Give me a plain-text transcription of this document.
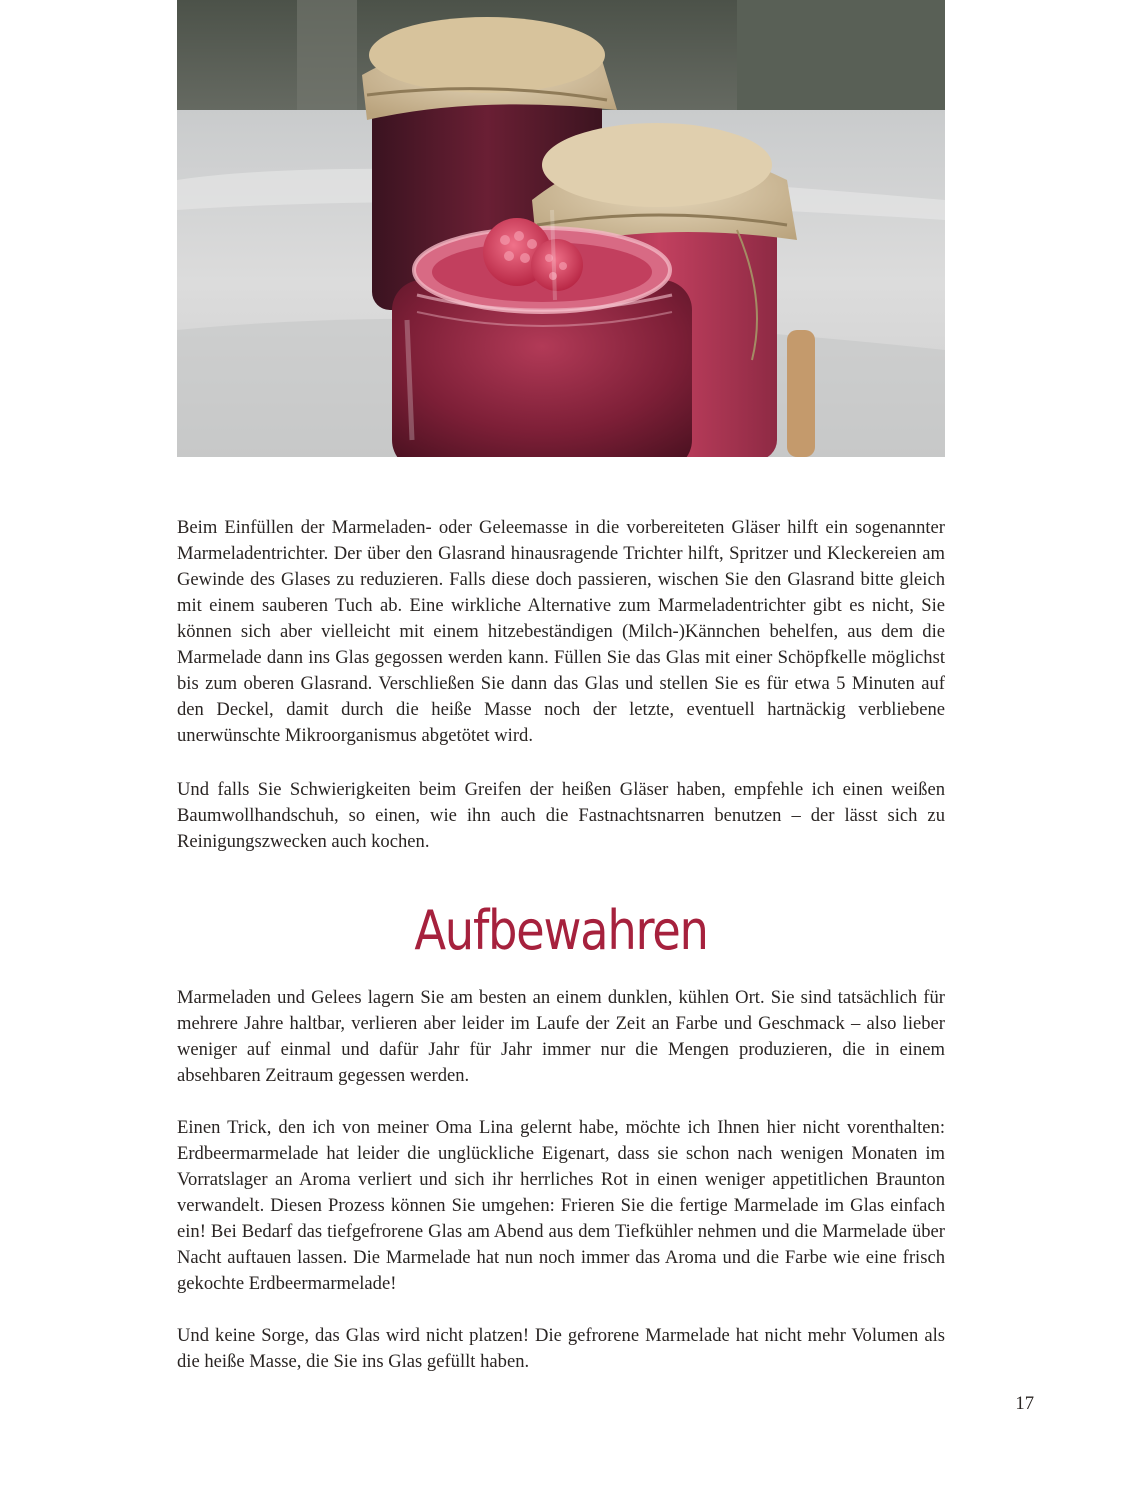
Beim Einfüllen der Marmeladen- oder Geleemasse in die vorbereiteten Gläser hilft ein sogenannter Marmeladentrichter. Der über den Glasrand hinausragende Trichter hilft, Spritzer und Kleckereien am Gewinde des Glases zu reduzieren. Falls diese doch passieren, wischen Sie den Glasrand bitte gleich mit einem sauberen Tuch ab. Eine wirkliche Alternative zum Marmeladentrichter gibt es nicht, Sie können sich aber vielleicht mit einem hitzebeständigen (Milch-)Kännchen behelfen, aus dem die Marmelade dann ins Glas gegossen werden kann. Füllen Sie das Glas mit einer Schöpfkelle möglichst bis zum oberen Glasrand. Verschließen Sie dann das Glas und stellen Sie es für etwa 5 Minuten auf den Deckel, damit durch die heiße Masse noch der letzte, eventuell hartnäckig verbliebene unerwünschte Mikroorganismus abgetötet wird.

Und falls Sie Schwierigkeiten beim Greifen der heißen Gläser haben, empfehle ich einen weißen Baumwollhandschuh, so einen, wie ihn auch die Fastnachtsnarren benutzen – der lässt sich zu Reinigungszwecken auch kochen.

Aufbewahren

Marmeladen und Gelees lagern Sie am besten an einem dunklen, kühlen Ort. Sie sind tatsächlich für mehrere Jahre haltbar, verlieren aber leider im Laufe der Zeit an Farbe und Geschmack – also lieber weniger auf einmal und dafür Jahr für Jahr immer nur die Mengen produzieren, die in einem absehbaren Zeitraum gegessen werden.

Einen Trick, den ich von meiner Oma Lina gelernt habe, möchte ich Ihnen hier nicht vorenthalten: Erdbeermarmelade hat leider die unglückliche Eigenart, dass sie schon nach wenigen Monaten im Vorratslager an Aroma verliert und sich ihr herrliches Rot in einen weniger appetitlichen Braunton verwandelt. Diesen Prozess können Sie umgehen: Frieren Sie die fertige Marmelade im Glas einfach ein! Bei Bedarf das tiefgefrorene Glas am Abend aus dem Tiefkühler nehmen und die Marmelade über Nacht auftauen lassen. Die Marmelade hat nun noch immer das Aroma und die Farbe wie eine frisch gekochte Erdbeermarmelade!

Und keine Sorge, das Glas wird nicht platzen! Die gefrorene Marmelade hat nicht mehr Volumen als die heiße Masse, die Sie ins Glas gefüllt haben.

17
